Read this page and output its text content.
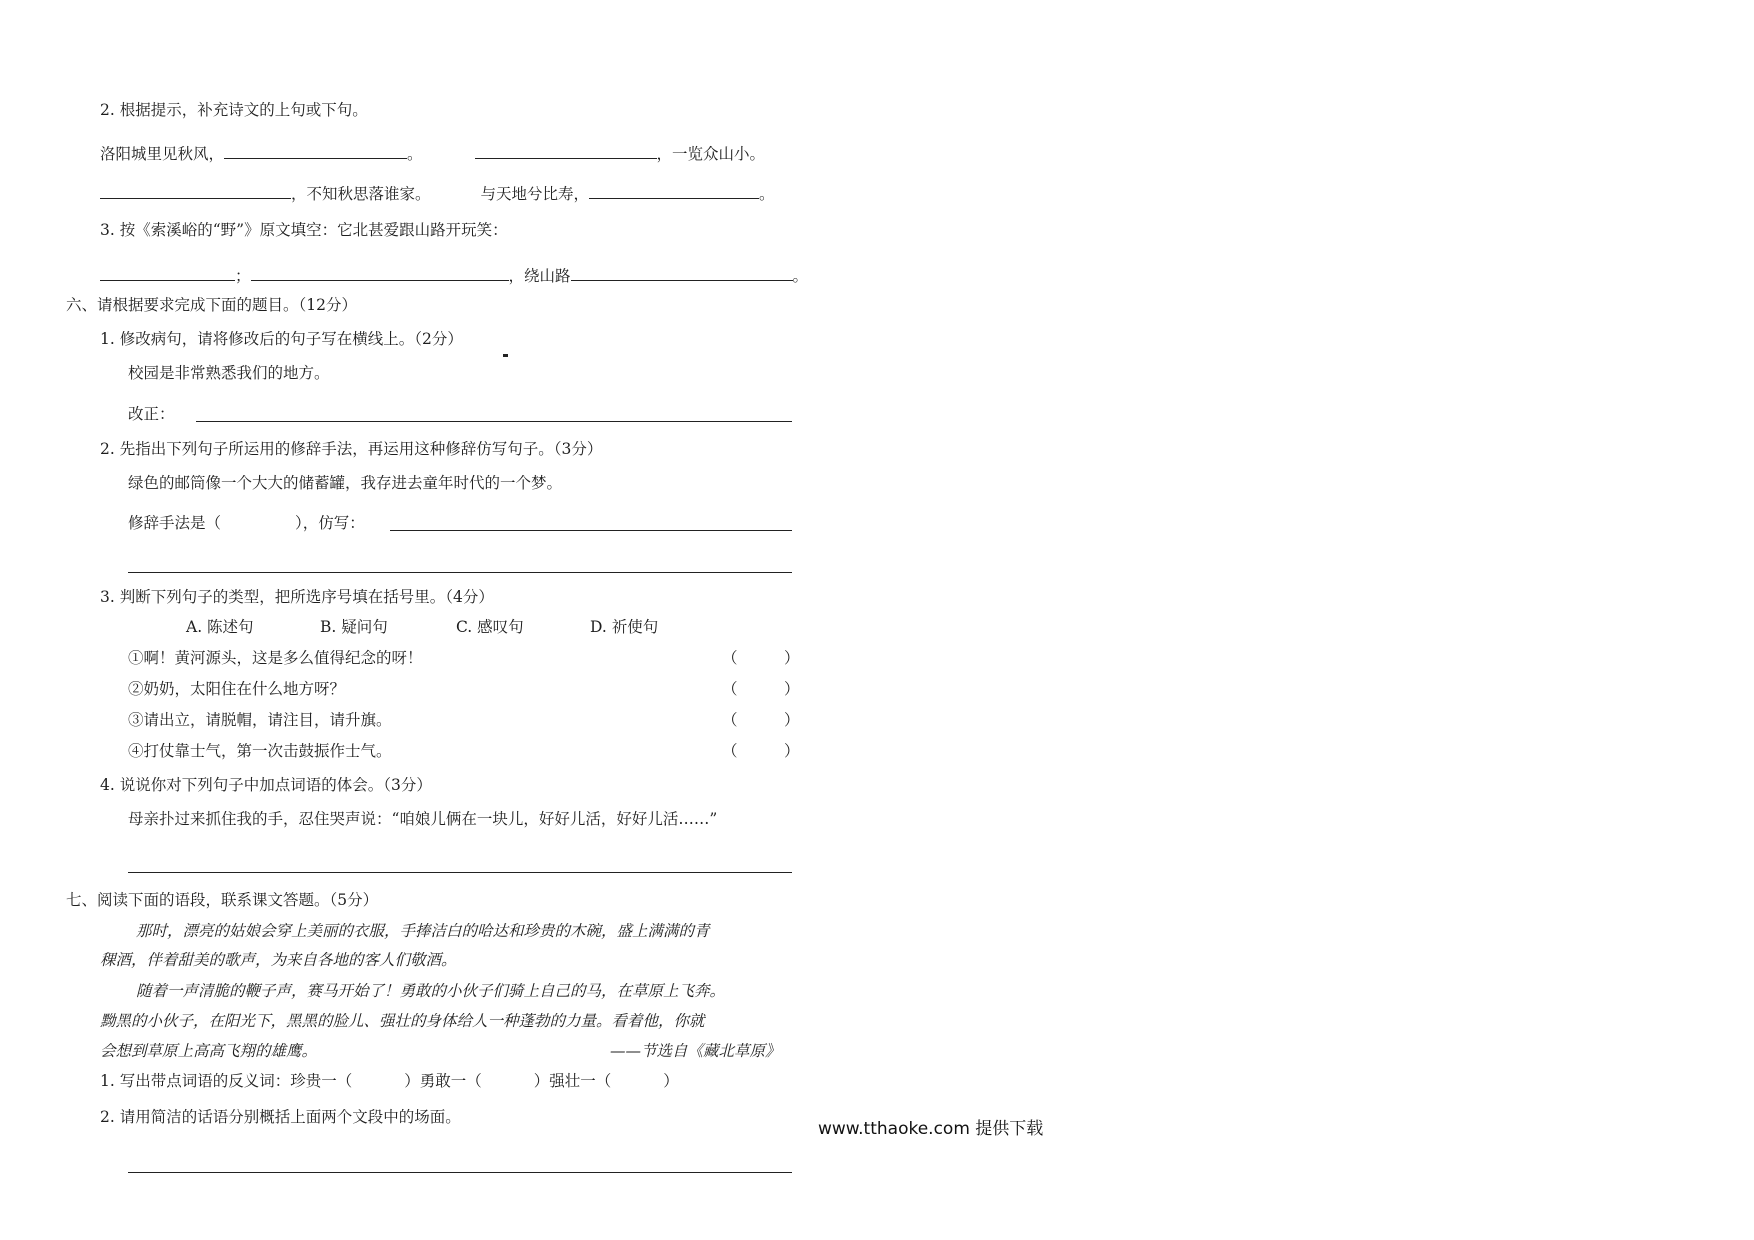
2. 根据提示，补充诗文的上句或下句。
洛阳城里见秋风，	。	，一览众山小。
，不知秋思落谁家。	与天地兮比寿，	。
3. 按《索溪峪的“野”》原文填空：它北甚爱跟山路开玩笑：
；	，绕山路	。
六、请根据要求完成下面的题目。（12分）
1. 修改病句，请将修改后的句子写在横线上。（2分）
校园是非常熟悉我们的地方。
改正：
2. 先指出下列句子所运用的修辞手法，再运用这种修辞仿写句子。（3分）
绿色的邮筒像一个大大的储蓄罐，我存进去童年时代的一个梦。
修辞手法是（	），仿写：
3. 判断下列句子的类型，把所选序号填在括号里。（4分）
A. 陈述句	B. 疑问句	C. 感叹句	D. 祈使句
①啊！黄河源头，这是多么值得纪念的呀！	（	）
②奶奶，太阳住在什么地方呀？	（	）
③请出立，请脱帽，请注目，请升旗。	（	）
④打仗靠士气，第一次击鼓振作士气。	（	）
4. 说说你对下列句子中加点词语的体会。（3分）
母亲扑过来抓住我的手，忍住哭声说：“咱娘儿俩在一块儿，好好儿活，好好儿活……”
七、阅读下面的语段，联系课文答题。（5分）
那时，漂亮的姑娘会穿上美丽的衣服，手捧洁白的哈达和珍贵的木碗，盛上满满的青
稞酒，伴着甜美的歌声，为来自各地的客人们敬酒。
随着一声清脆的鞭子声，赛马开始了！勇敢的小伙子们骑上自己的马，在草原上飞奔。
黝黑的小伙子，在阳光下，黑黑的脸儿、强壮的身体给人一种蓬勃的力量。看着他，你就
会想到草原上高高飞翔的雄鹰。	——节选自《藏北草原》
1. 写出带点词语的反义词：珍贵一（	）勇敢一（	）强壮一（	）
2. 请用简洁的话语分别概括上面两个文段中的场面。
www.tthaoke.com 提供下载
